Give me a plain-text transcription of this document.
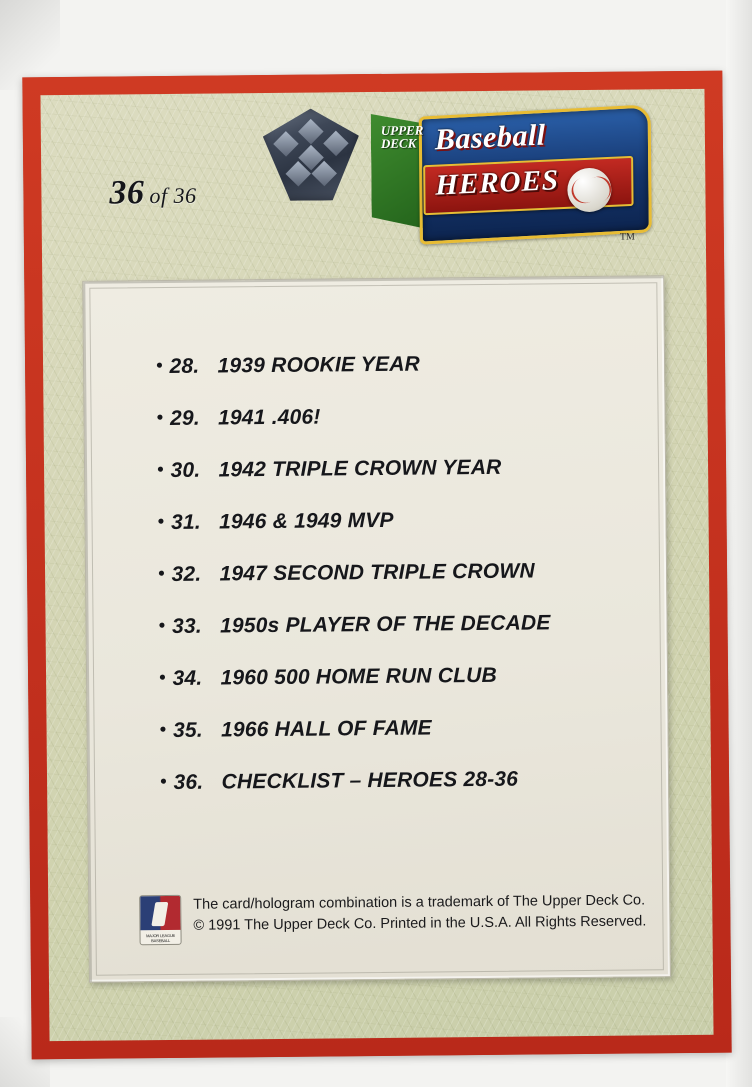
36 of 36
UPPER DECK Baseball
HEROES
TM
• 28. 1939 ROOKIE YEAR
• 29. 1941 .406!
• 30. 1942 TRIPLE CROWN YEAR
• 31. 1946 & 1949 MVP
• 32. 1947 SECOND TRIPLE CROWN
• 33. 1950s PLAYER OF THE DECADE
• 34. 1960 500 HOME RUN CLUB
• 35. 1966 HALL OF FAME
• 36. CHECKLIST – HEROES 28-36
MAJOR LEAGUE BASEBALL
The card/hologram combination is a trademark of The Upper Deck Co.
© 1991 The Upper Deck Co. Printed in the U.S.A. All Rights Reserved.
